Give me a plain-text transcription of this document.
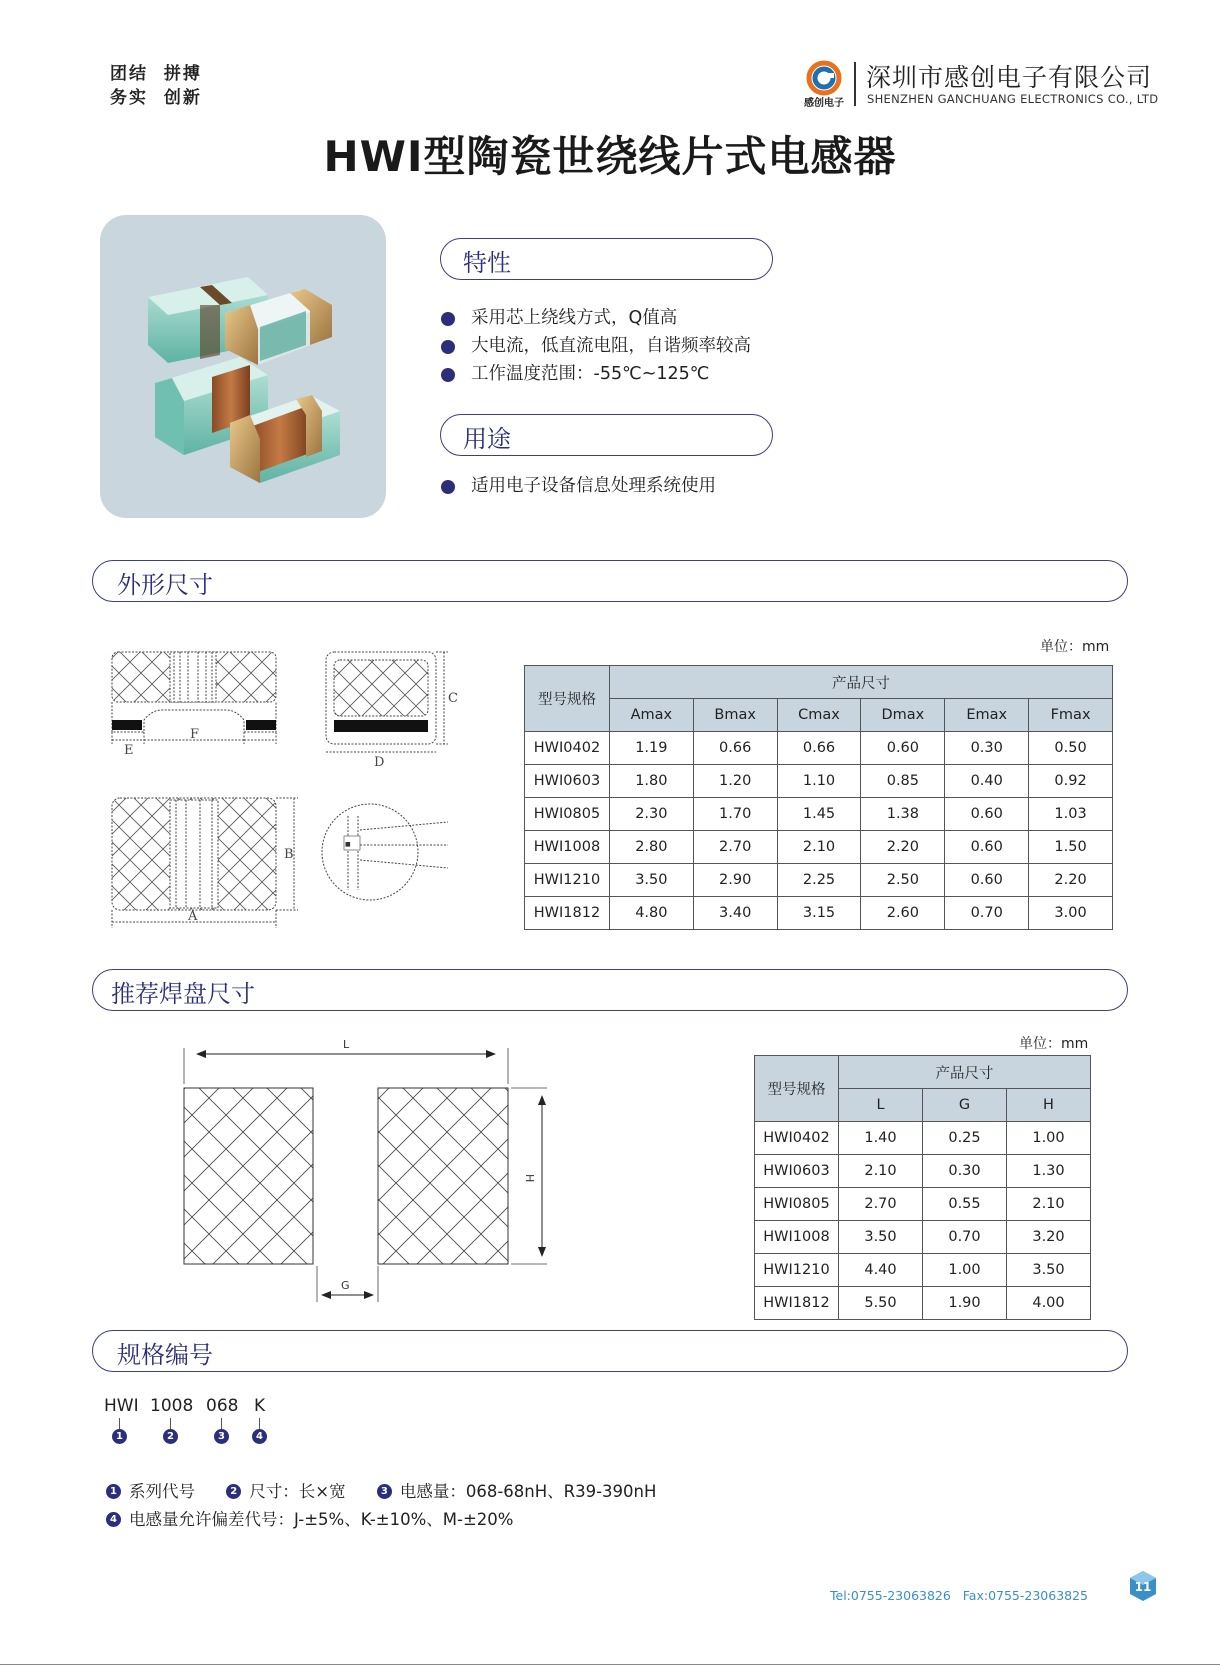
团结  拼搏
务实  创新	感创电子
深圳市感创电子有限公司
SHENZHEN GANCHUANG ELECTRONICS CO., LTD
HWI型陶瓷世绕线片式电感器
特性
采用芯上绕线方式，Q值高
大电流，低直流电阻，自谐频率较高
工作温度范围：-55℃~125℃
用途
适用电子设备信息处理系统使用
外形尺寸
■
F
E
D
C
B
A
单位：mm
型号规格	产品尺寸					
	Amax	Bmax	Cmax	Dmax	Emax	Fmax
HWI0402	1.19	0.66	0.66	0.60	0.30	0.50
HWI0603	1.80	1.20	1.10	0.85	0.40	0.92
HWI0805	2.30	1.70	1.45	1.38	0.60	1.03
HWI1008	2.80	2.70	2.10	2.20	0.60	1.50
HWI1210	3.50	2.90	2.25	2.50	0.60	2.20
HWI1812	4.80	3.40	3.15	2.60	0.70	3.00
推荐焊盘尺寸
L
H
G
单位：mm
型号规格	产品尺寸		
	L	G	H
HWI0402	1.40	0.25	1.00
HWI0603	2.10	0.30	1.30
HWI0805	2.70	0.55	2.10
HWI1008	3.50	0.70	3.20
HWI1210	4.40	1.00	3.50
HWI1812	5.50	1.90	4.00
规格编号
HWI 1008 068 K
1	2	3	4
1 系列代号	2 尺寸：长×宽	3 电感量：068-68nH、R39-390nH
4 电感量允许偏差代号：J-±5%、K-±10%、M-±20%
Tel:0755-23063826   Fax:0755-23063825
11
